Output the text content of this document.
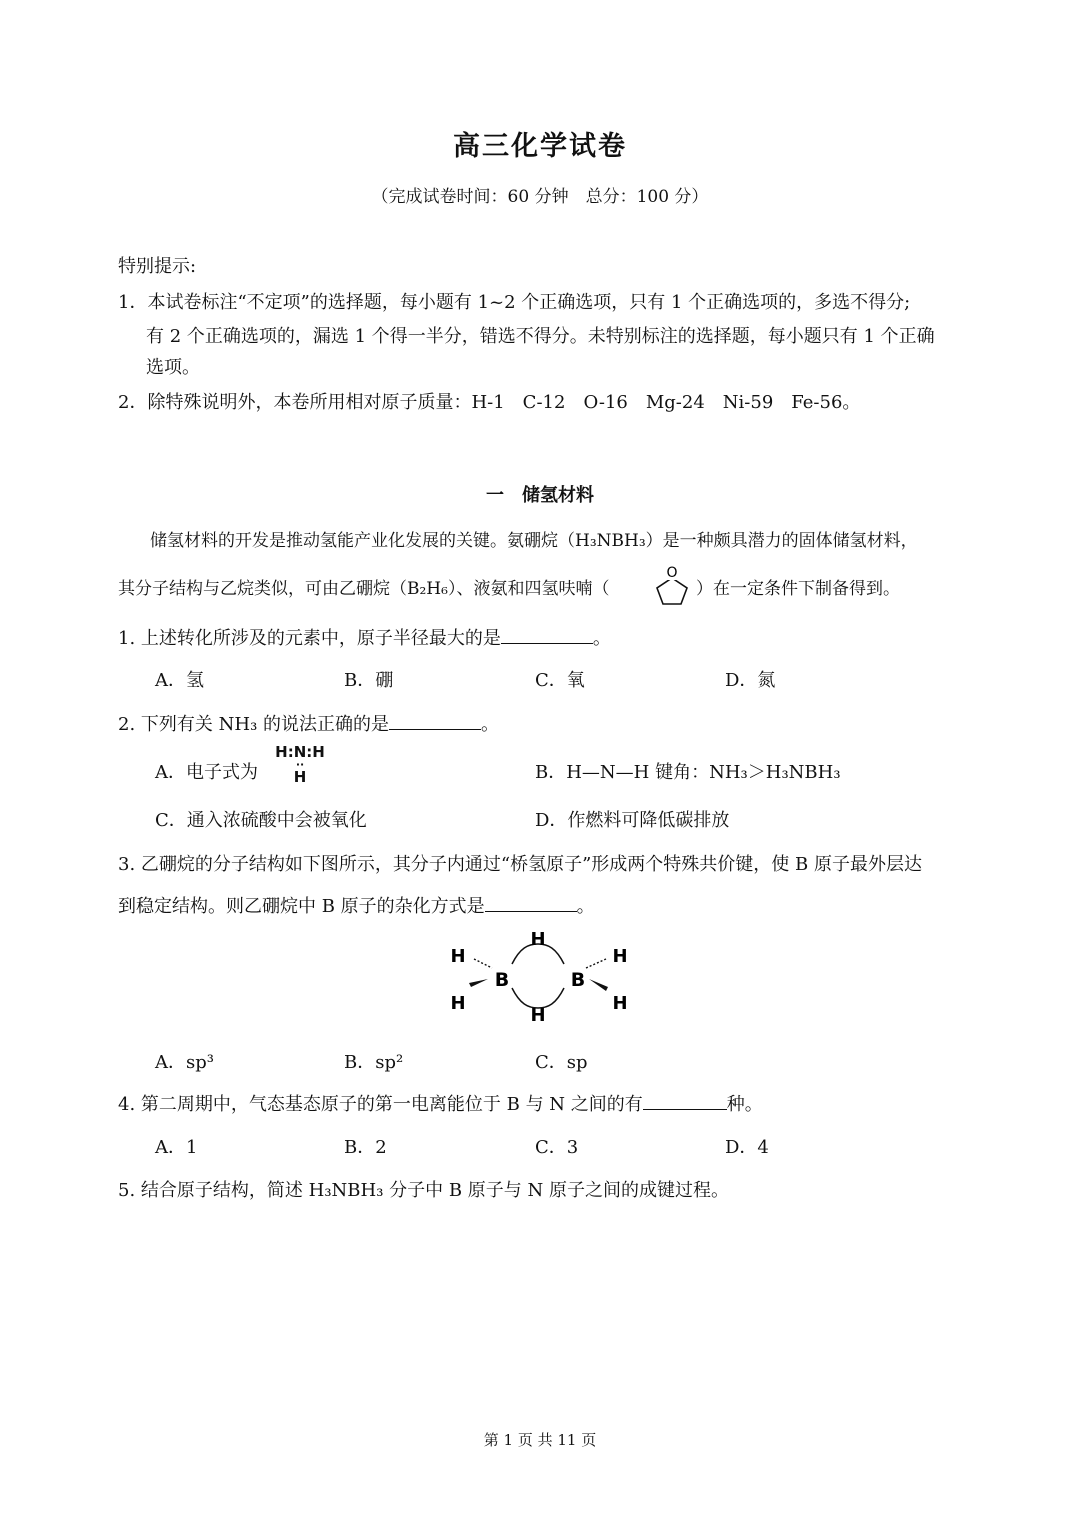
高三化学试卷
（完成试卷时间：60 分钟　总分：100 分）
特别提示:
1．本试卷标注“不定项”的选择题，每小题有 1~2 个正确选项，只有 1 个正确选项的，多选不得分;
有 2 个正确选项的，漏选 1 个得一半分，错选不得分。未特别标注的选择题，每小题只有 1 个正确
选项。
2．除特殊说明外，本卷所用相对原子质量：H-1　C-12　O-16　Mg-24　Ni-59　Fe-56。
一　储氢材料
储氢材料的开发是推动氢能产业化发展的关键。氨硼烷（H₃NBH₃）是一种颇具潜力的固体储氢材料，
其分子结构与乙烷类似，可由乙硼烷（B₂H₆）、液氨和四氢呋喃（
O
）在一定条件下制备得到。
1. 上述转化所涉及的元素中，原子半径最大的是	。
A．氢	B．硼	C．氧	D．氮
2. 下列有关 NH₃ 的说法正确的是	。
A．电子式为
H:N:H
··
H	B．H—N—H 键角：NH₃＞H₃NBH₃
C．通入浓硫酸中会被氧化	D．作燃料可降低碳排放
3. 乙硼烷的分子结构如下图所示，其分子内通过“桥氢原子”形成两个特殊共价键，使 B 原子最外层达
到稳定结构。则乙硼烷中 B 原子的杂化方式是	。
H
H
B	B
H
H
H
H
A．sp³	B．sp²	C．sp
4. 第二周期中，气态基态原子的第一电离能位于 B 与 N 之间的有	种。
A．1	B．2	C．3	D．4
5. 结合原子结构，简述 H₃NBH₃ 分子中 B 原子与 N 原子之间的成键过程。
第 1 页 共 11 页
